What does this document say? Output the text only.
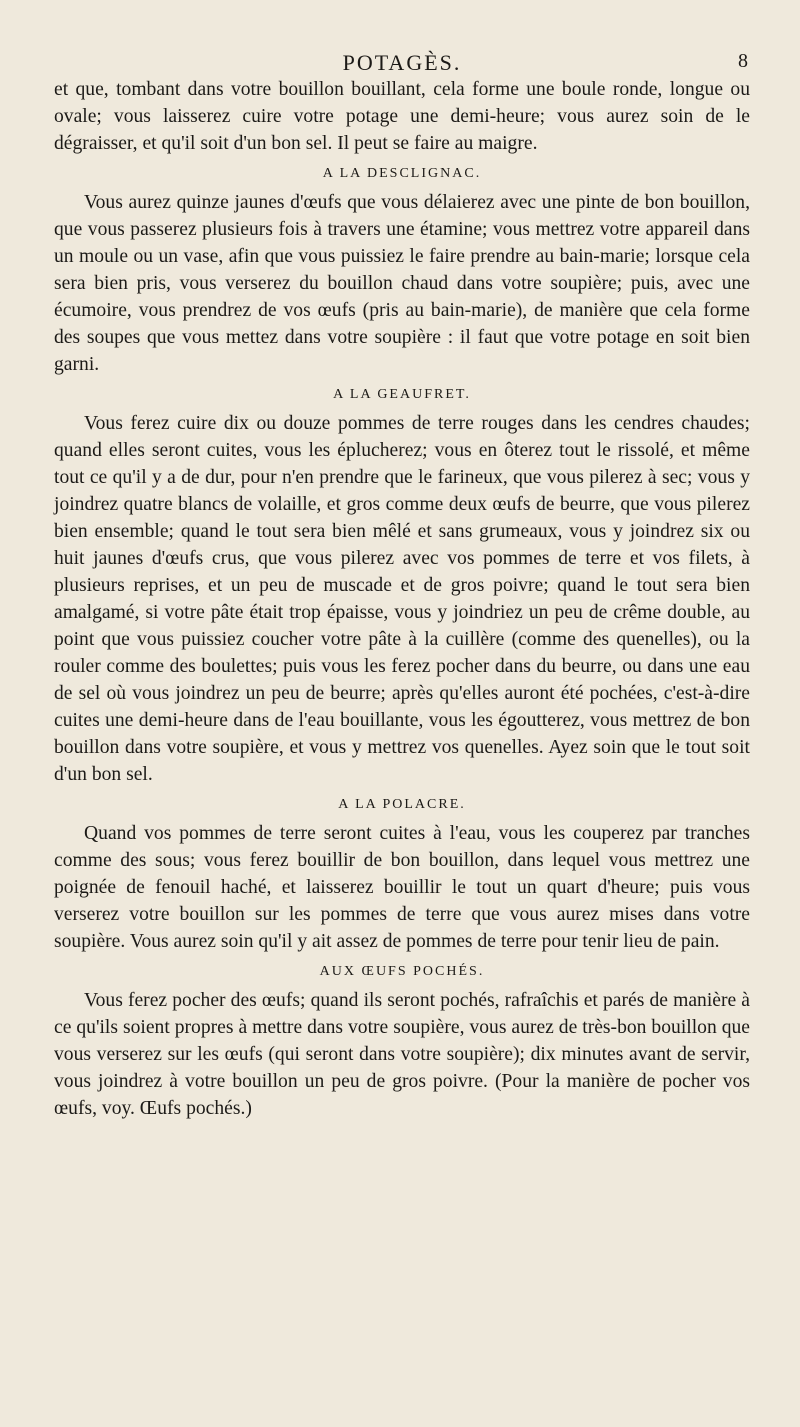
POTAGÈS.	8

et que, tombant dans votre bouillon bouillant, cela forme une boule ronde, longue ou ovale; vous laisserez cuire votre potage une demi-heure; vous aurez soin de le dégraisser, et qu'il soit d'un bon sel. Il peut se faire au maigre.

A LA DESCLIGNAC.

Vous aurez quinze jaunes d'œufs que vous délaierez avec une pinte de bon bouillon, que vous passerez plusieurs fois à travers une étamine; vous mettrez votre appareil dans un moule ou un vase, afin que vous puissiez le faire prendre au bain-marie; lorsque cela sera bien pris, vous verserez du bouillon chaud dans votre soupière; puis, avec une écumoire, vous prendrez de vos œufs (pris au bain-marie), de manière que cela forme des soupes que vous mettez dans votre soupière : il faut que votre potage en soit bien garni.

A LA GEAUFRET.

Vous ferez cuire dix ou douze pommes de terre rouges dans les cendres chaudes; quand elles seront cuites, vous les éplucherez; vous en ôterez tout le rissolé, et même tout ce qu'il y a de dur, pour n'en prendre que le farineux, que vous pilerez à sec; vous y joindrez quatre blancs de volaille, et gros comme deux œufs de beurre, que vous pilerez bien ensemble; quand le tout sera bien mêlé et sans grumeaux, vous y joindrez six ou huit jaunes d'œufs crus, que vous pilerez avec vos pommes de terre et vos filets, à plusieurs reprises, et un peu de muscade et de gros poivre; quand le tout sera bien amalgamé, si votre pâte était trop épaisse, vous y joindriez un peu de crême double, au point que vous puissiez coucher votre pâte à la cuillère (comme des quenelles), ou la rouler comme des boulettes; puis vous les ferez pocher dans du beurre, ou dans une eau de sel où vous joindrez un peu de beurre; après qu'elles auront été pochées, c'est-à-dire cuites une demi-heure dans de l'eau bouillante, vous les égoutterez, vous mettrez de bon bouillon dans votre soupière, et vous y mettrez vos quenelles. Ayez soin que le tout soit d'un bon sel.

A LA POLACRE.

Quand vos pommes de terre seront cuites à l'eau, vous les couperez par tranches comme des sous; vous ferez bouillir de bon bouillon, dans lequel vous mettrez une poignée de fenouil haché, et laisserez bouillir le tout un quart d'heure; puis vous verserez votre bouillon sur les pommes de terre que vous aurez mises dans votre soupière. Vous aurez soin qu'il y ait assez de pommes de terre pour tenir lieu de pain.

AUX ŒUFS POCHÉS.

Vous ferez pocher des œufs; quand ils seront pochés, rafraîchis et parés de manière à ce qu'ils soient propres à mettre dans votre soupière, vous aurez de très-bon bouillon que vous verserez sur les œufs (qui seront dans votre soupière); dix minutes avant de servir, vous joindrez à votre bouillon un peu de gros poivre. (Pour la manière de pocher vos œufs, voy. Œufs pochés.)
